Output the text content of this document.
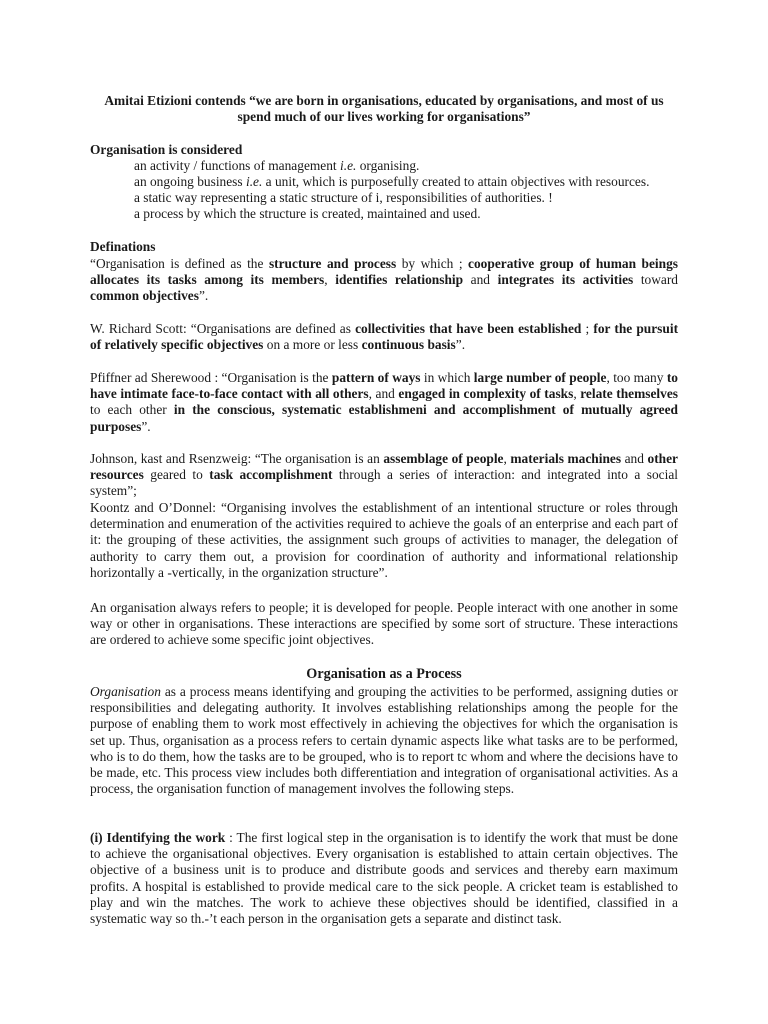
Amitai Etizioni contends “we are born in organisations, educated by organisations, and most of us
spend much of our lives working for organisations”
Organisation is considered

an activity / functions of management i.e. organising.

an ongoing business i.e. a unit, which is purposefully created to attain objectives with resources.

a static way representing a static structure of i, responsibilities of authorities. !

a process by which the structure is created, maintained and used.

Definations

“Organisation is defined as the structure and process by which ; cooperative group of human beings allocates its tasks among its members, identifies relationship and integrates its activities toward common objectives”.

W. Richard Scott: “Organisations are defined as collectivities that have been established ; for the pursuit of relatively specific objectives on a more or less continuous basis”.

Pfiffner ad Sherewood : “Organisation is the pattern of ways in which large number of people, too many to have intimate face-to-face contact with all others, and engaged in complexity of tasks, relate themselves to each other in the conscious, systematic establishmeni and accomplishment of mutually agreed purposes”.

Johnson, kast and Rsenzweig: “The organisation is an assemblage of people, materials machines and other resources geared to task accomplishment through a series of interaction: and integrated into a social system”;

Koontz and O’Donnel: “Organising involves the establishment of an intentional structure or roles through determination and enumeration of the activities required to achieve the goals of an enterprise and each part of it: the grouping of these activities, the assignment such groups of activities to manager, the delegation of authority to carry them out, a provision for coordination of authority and informational relationship horizontally a -vertically, in the organization structure”.

An organisation always refers to people; it is developed for people. People interact with one another in some way or other in organisations. These interactions are specified by some sort of structure. These interactions are ordered to achieve some specific joint objectives.

Organisation as a Process

Organisation as a process means identifying and grouping the activities to be performed, assigning duties or responsibilities and delegating authority. It involves establishing relationships among the people for the purpose of enabling them to work most effectively in achieving the objectives for which the organisation is set up. Thus, organisation as a process refers to certain dynamic aspects like what tasks are to be performed, who is to do them, how the tasks are to be grouped, who is to report tc whom and where the decisions have to be made, etc. This process view includes both differentiation and integration of organisational activities. As a process, the organisation function of management involves the following steps.

(i) Identifying the work : The first logical step in the organisation is to identify the work that must be done to achieve the organisational objectives. Every organisation is established to attain certain objectives. The objective of a business unit is to produce and distribute goods and services and thereby earn maximum profits. A hospital is established to provide medical care to the sick people. A cricket team is established to play and win the matches. The work to achieve these objectives should be identified, classified in a systematic way so th.-’t each person in the organisation gets a separate and distinct task.
